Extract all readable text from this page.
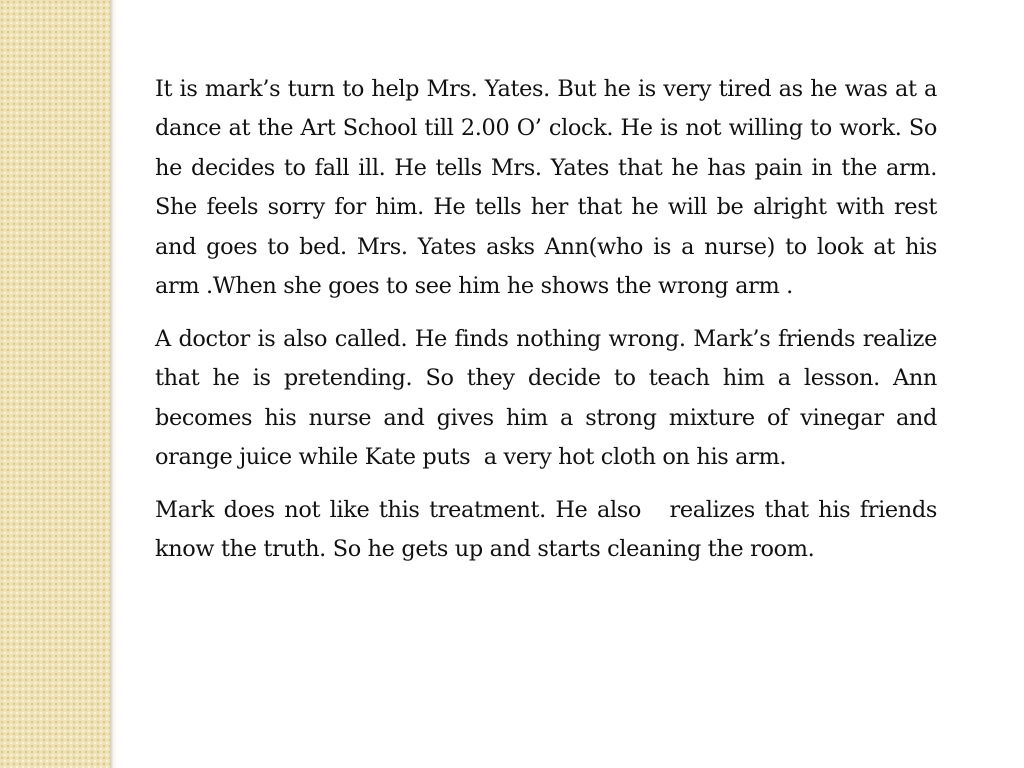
It is mark’s turn to help Mrs. Yates. But he is very tired as he was at a dance at the Art School till 2.00 O’ clock. He is not willing to work. So he decides to fall ill. He tells Mrs. Yates that he has pain in the arm. She feels sorry for him. He tells her that he will be alright with rest and goes to bed. Mrs. Yates asks Ann(who is a nurse) to look at his arm .When she goes to see him he shows the wrong arm .

A doctor is also called. He finds nothing wrong. Mark’s friends realize that he is pretending. So they decide to teach him a lesson. Ann becomes his nurse and gives him a strong mixture of vinegar and orange juice while Kate puts  a very hot cloth on his arm.

Mark does not like this treatment. He also   realizes that his friends know the truth. So he gets up and starts cleaning the room.
